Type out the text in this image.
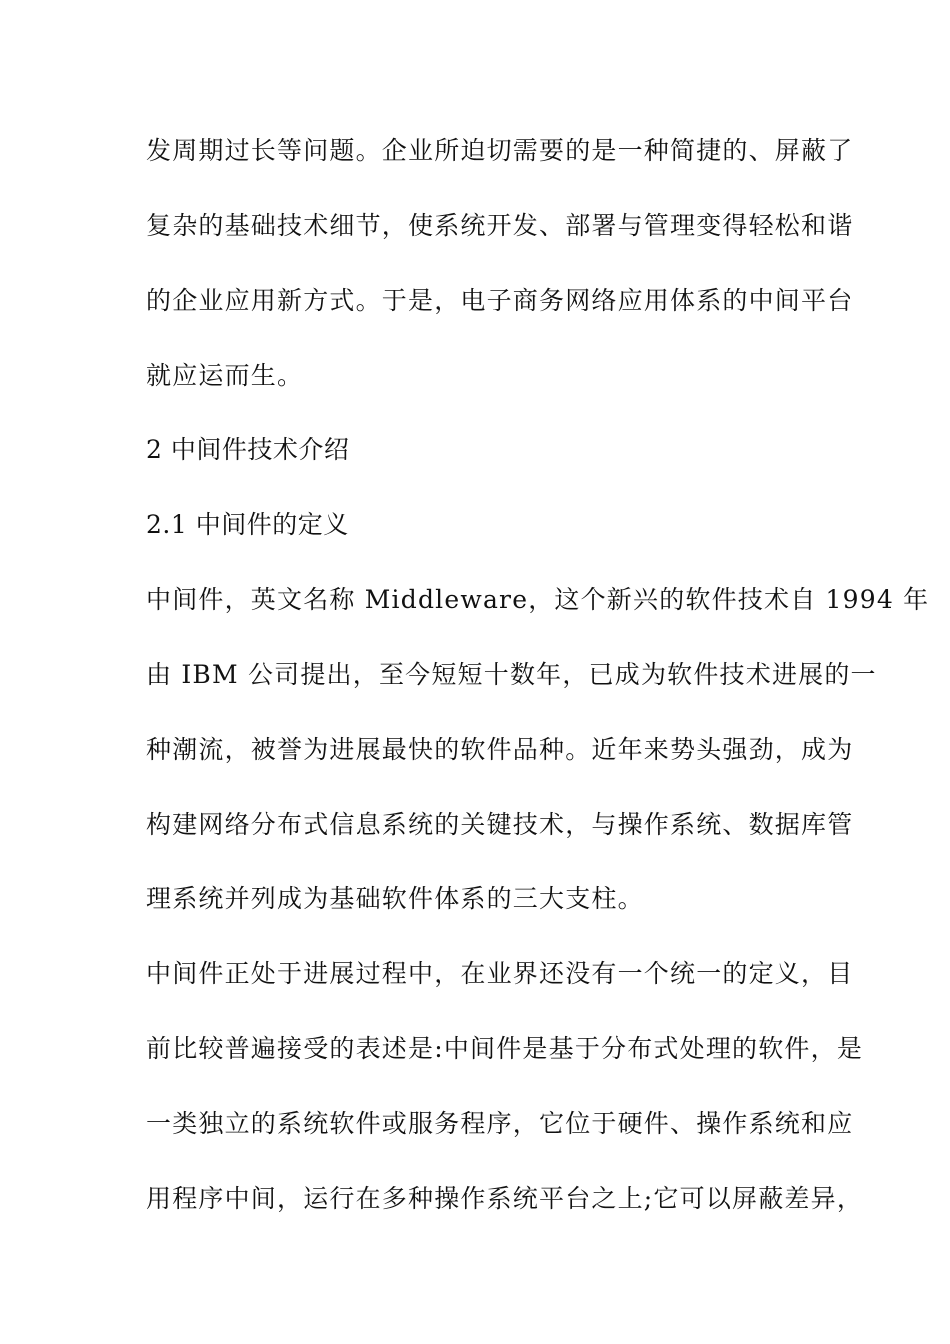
发周期过长等问题。企业所迫切需要的是一种简捷的、屏蔽了
复杂的基础技术细节，使系统开发、部署与管理变得轻松和谐
的企业应用新方式。于是，电子商务网络应用体系的中间平台
就应运而生。
2 中间件技术介绍
2.1 中间件的定义
中间件，英文名称 Middleware，这个新兴的软件技术自 1994 年
由 IBM 公司提出，至今短短十数年，已成为软件技术进展的一
种潮流，被誉为进展最快的软件品种。近年来势头强劲，成为
构建网络分布式信息系统的关键技术，与操作系统、数据库管
理系统并列成为基础软件体系的三大支柱。
中间件正处于进展过程中，在业界还没有一个统一的定义，目
前比较普遍接受的表述是:中间件是基于分布式处理的软件，是
一类独立的系统软件或服务程序，它位于硬件、操作系统和应
用程序中间，运行在多种操作系统平台之上;它可以屏蔽差异，
